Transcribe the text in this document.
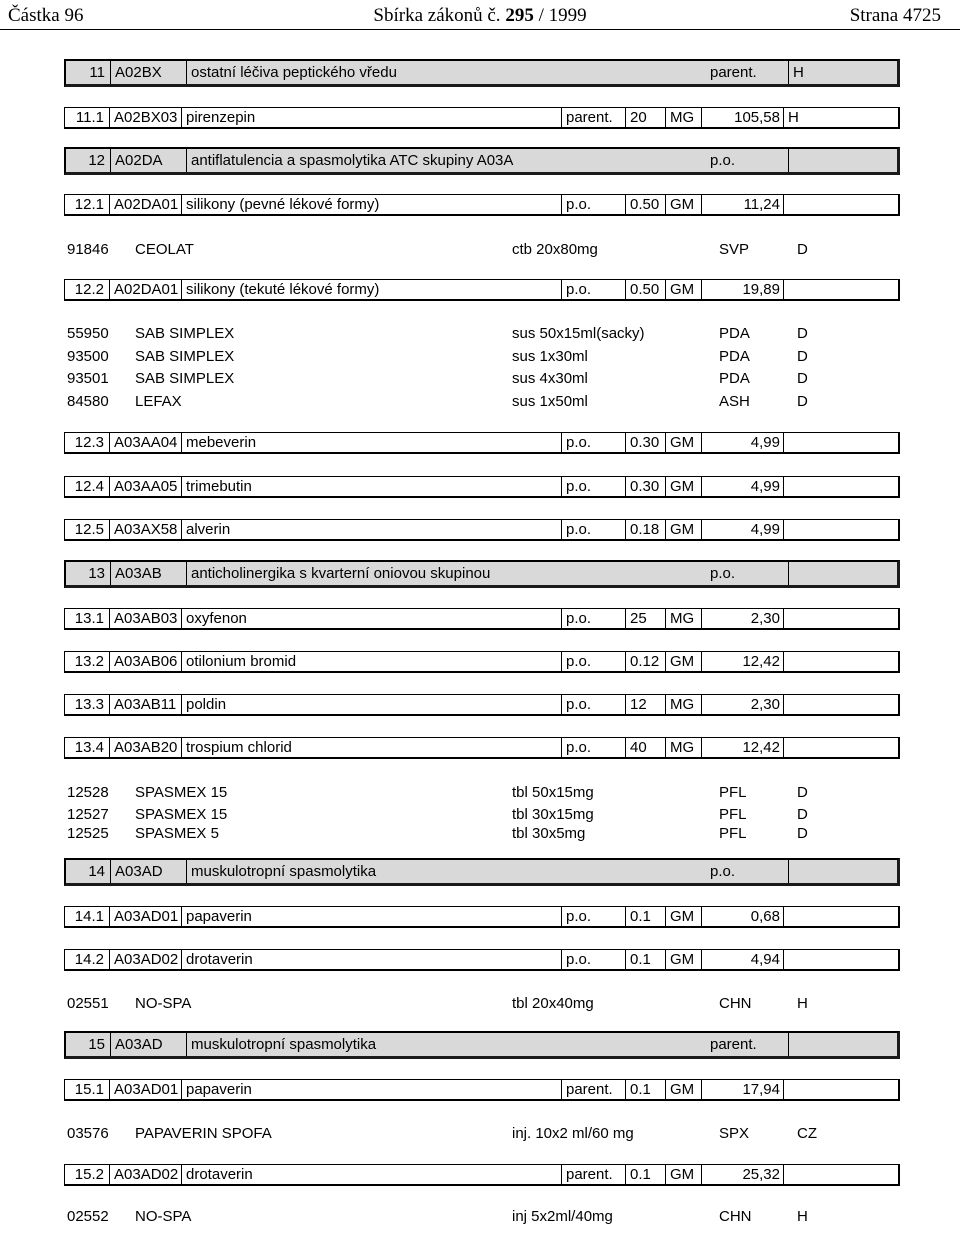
Částka 96	Sbírka zákonů č. 295 / 1999	Strana 4725
11 A02BX	ostatní léčiva peptického vředu	parent.	H
11.1 A02BX03 pirenzepin	parent.	20	MG	105,58 H
12 A02DA	antiflatulencia a spasmolytika ATC skupiny A03A	p.o.
12.1 A02DA01 silikony (pevné lékové formy)	p.o.	0.50 GM	11,24
91846 CEOLAT	ctb 20x80mg	SVP	D
12.2 A02DA01 silikony (tekuté lékové formy)	p.o.	0.50 GM	19,89
55950 SAB SIMPLEX	sus 50x15ml(sacky)	PDA	D
93500 SAB SIMPLEX	sus 1x30ml	PDA	D
93501 SAB SIMPLEX	sus 4x30ml	PDA	D
84580 LEFAX	sus 1x50ml	ASH	D
12.3 A03AA04 mebeverin	p.o.	0.30 GM	4,99
12.4 A03AA05 trimebutin	p.o.	0.30 GM	4,99
12.5 A03AX58 alverin	p.o.	0.18 GM	4,99
13 A03AB	anticholinergika s kvarterní oniovou skupinou	p.o.
13.1 A03AB03 oxyfenon	p.o.	25	MG	2,30
13.2 A03AB06 otilonium bromid	p.o.	0.12 GM	12,42
13.3 A03AB11 poldin	p.o.	12	MG	2,30
13.4 A03AB20 trospium chlorid	p.o.	40	MG	12,42
12528 SPASMEX 15	tbl 50x15mg	PFL	D
12527 SPASMEX 15	tbl 30x15mg	PFL	D
12525 SPASMEX 5	tbl 30x5mg	PFL	D
14 A03AD	muskulotropní spasmolytika	p.o.
14.1 A03AD01 papaverin	p.o.	0.1	GM	0,68
14.2 A03AD02 drotaverin	p.o.	0.1	GM	4,94
02551 NO-SPA	tbl 20x40mg	CHN	H
15 A03AD	muskulotropní spasmolytika	parent.
15.1 A03AD01 papaverin	parent.	0.1	GM	17,94
03576 PAPAVERIN SPOFA	inj. 10x2 ml/60 mg	SPX	CZ
15.2 A03AD02 drotaverin	parent.	0.1	GM	25,32
02552 NO-SPA	inj 5x2ml/40mg	CHN	H
